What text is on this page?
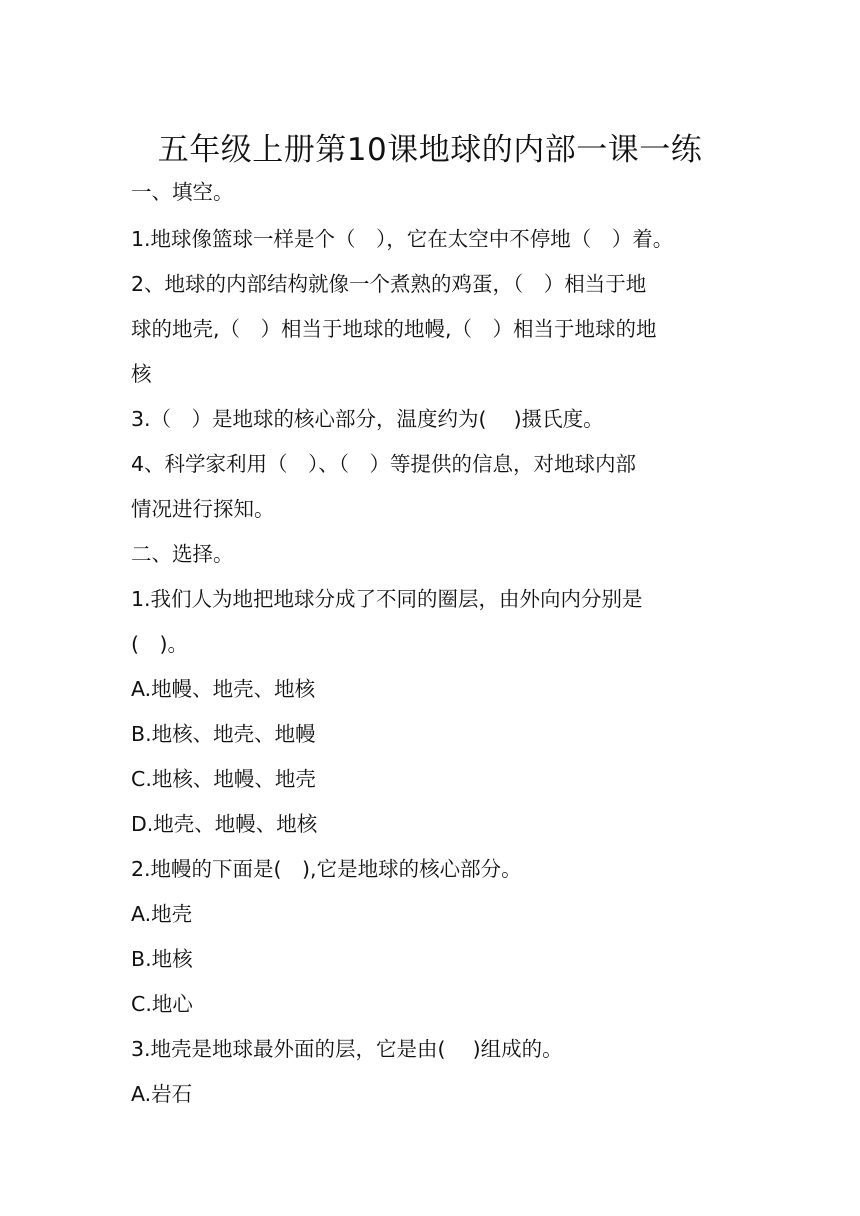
五年级上册第10课地球的内部一课一练
一、填空。
1.地球像篮球一样是个（　），它在太空中不停地（　）着。
2、地球的内部结构就像一个煮熟的鸡蛋，（　）相当于地
球的地壳,（　）相当于地球的地幔,（　）相当于地球的地
核
3.（　）是地球的核心部分，温度约为(　 )摄氏度。
4、科学家利用（　）、（　）等提供的信息，对地球内部
情况进行探知。
二、选择。
1.我们人为地把地球分成了不同的圈层，由外向内分别是
(　)。
A.地幔、地壳、地核
B.地核、地壳、地幔
C.地核、地幔、地壳
D.地壳、地幔、地核
2.地幔的下面是(　),它是地球的核心部分。
A.地壳
B.地核
C.地心
3.地壳是地球最外面的层，它是由(　 )组成的。
A.岩石
